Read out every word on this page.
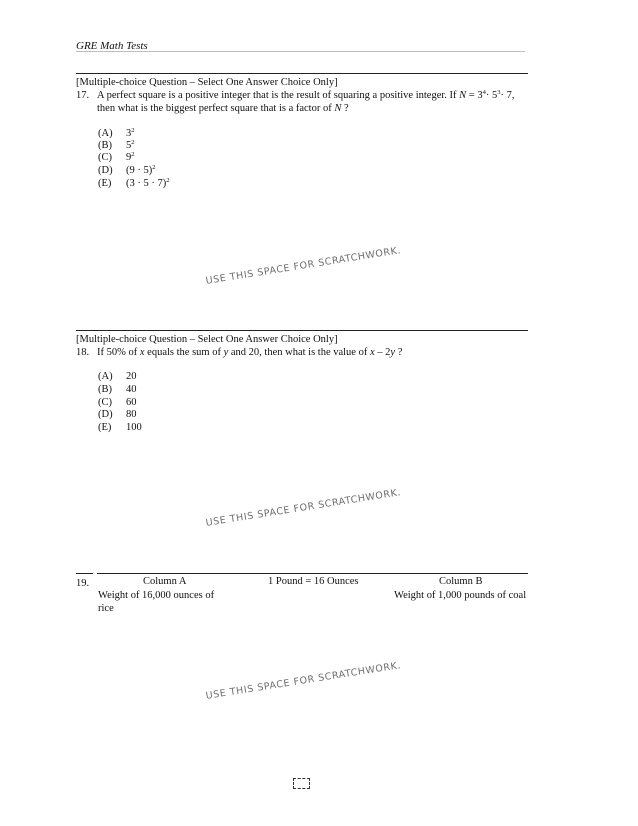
GRE Math Tests
[Multiple-choice Question – Select One Answer Choice Only]
17. A perfect square is a positive integer that is the result of squaring a positive integer. If $N = 3^4\cdot 5^3\cdot 7$,
then what is the biggest perfect square that is a factor of N ?
(A) $3^2$
(B) $5^2$
(C) $9^2$
(D) $(9 \cdot 5)^2$
(E) $(3 \cdot 5 \cdot 7)^2$
USE THIS SPACE FOR SCRATCHWORK.
[Multiple-choice Question – Select One Answer Choice Only]
18. If 50% of x equals the sum of y and 20, then what is the value of x – 2y ?
(A) 20
(B) 40
(C) 60
(D) 80
(E) 100
USE THIS SPACE FOR SCRATCHWORK.
19.	Column A	1 Pound = 16 Ounces	Column B
Weight of 16,000 ounces of
rice
Weight of 1,000 pounds of coal
USE THIS SPACE FOR SCRATCHWORK.
